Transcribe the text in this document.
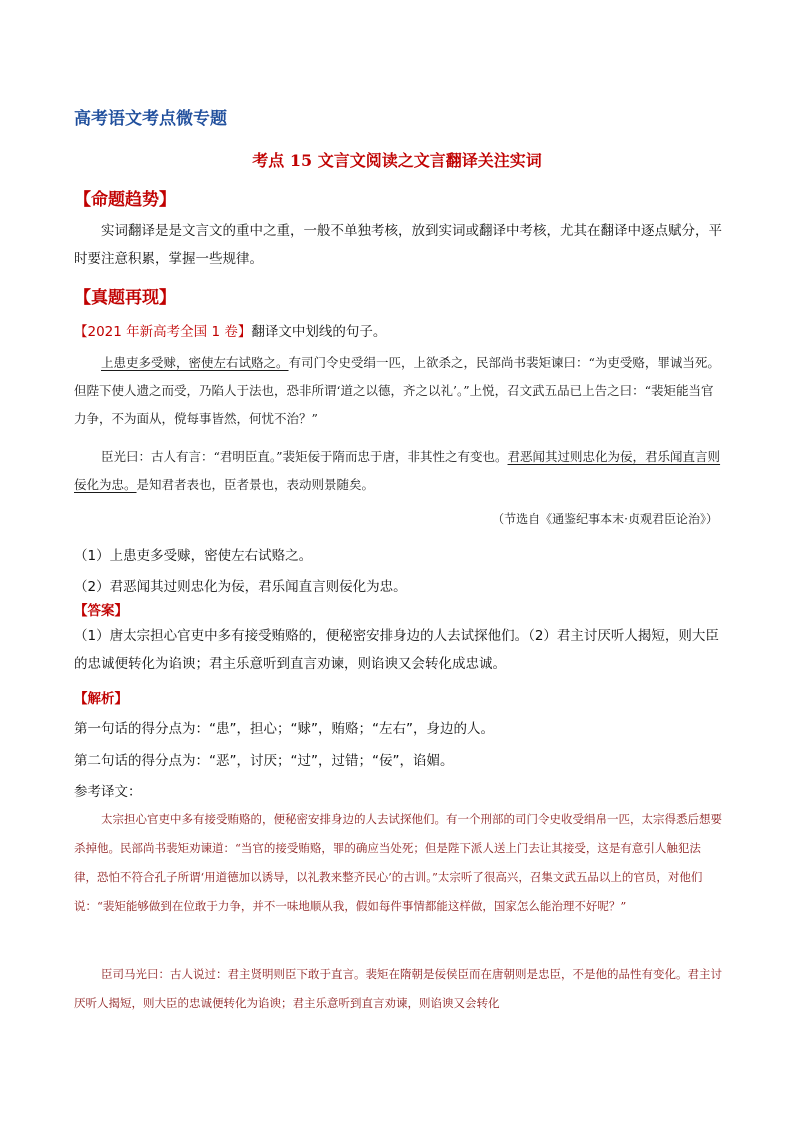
高考语文考点微专题
考点 15 文言文阅读之文言翻译关注实词
【命题趋势】
实词翻译是是文言文的重中之重，一般不单独考核，放到实词或翻译中考核，尤其在翻译中逐点赋分，平时要注意积累，掌握一些规律。
【真题再现】
【2021 年新高考全国 1 卷】翻译文中划线的句子。
上患吏多受赇，密使左右试赂之。有司门令史受绢一匹，上欲杀之，民部尚书裴矩谏曰：“为吏受赂，罪诚当死。但陛下使人遗之而受，乃陷人于法也，恐非所谓‘道之以德，齐之以礼’。”上悦，召文武五品已上告之曰：“裴矩能当官力争，不为面从，傥每事皆然，何忧不治？”
臣光曰：古人有言：“君明臣直。”裴矩佞于隋而忠于唐，非其性之有变也。君恶闻其过则忠化为佞，君乐闻直言则佞化为忠。是知君者表也，臣者景也，表动则景随矣。
（节选自《通鉴纪事本末·贞观君臣论治》）
（1）上患吏多受赇，密使左右试赂之。
（2）君恶闻其过则忠化为佞，君乐闻直言则佞化为忠。
【答案】
（1）唐太宗担心官吏中多有接受贿赂的，便秘密安排身边的人去试探他们。（2）君主讨厌听人揭短，则大臣的忠诚便转化为谄谀；君主乐意听到直言劝谏，则谄谀又会转化成忠诚。
【解析】
第一句话的得分点为：“患”，担心；“赇”，贿赂；“左右”，身边的人。
第二句话的得分点为：“恶”，讨厌；“过”，过错；“佞”，谄媚。
参考译文：
太宗担心官吏中多有接受贿赂的，便秘密安排身边的人去试探他们。有一个刑部的司门令史收受绢帛一匹，太宗得悉后想要杀掉他。民部尚书裴矩劝谏道：“当官的接受贿赂，罪的确应当处死；但是陛下派人送上门去让其接受，这是有意引人触犯法律，恐怕不符合孔子所谓‘用道德加以诱导，以礼教来整齐民心’的古训。”太宗听了很高兴，召集文武五品以上的官员，对他们说：“裴矩能够做到在位敢于力争，并不一味地顺从我，假如每件事情都能这样做，国家怎么能治理不好呢？”
臣司马光曰：古人说过：君主贤明则臣下敢于直言。裴矩在隋朝是佞侯臣而在唐朝则是忠臣，不是他的品性有变化。君主讨厌听人揭短，则大臣的忠诚便转化为谄谀；君主乐意听到直言劝谏，则谄谀又会转化
